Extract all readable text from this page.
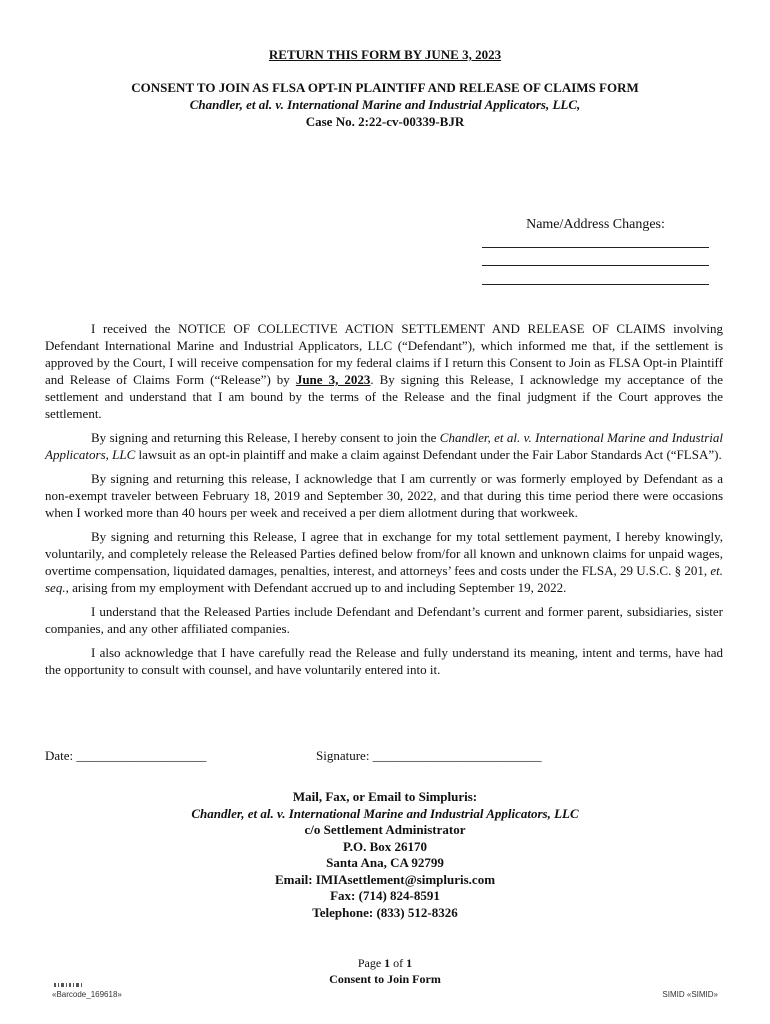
RETURN THIS FORM BY JUNE 3, 2023
CONSENT TO JOIN AS FLSA OPT-IN PLAINTIFF AND RELEASE OF CLAIMS FORM
Chandler, et al. v. International Marine and Industrial Applicators, LLC,
Case No. 2:22-cv-00339-BJR
Name/Address Changes:

I received the NOTICE OF COLLECTIVE ACTION SETTLEMENT AND RELEASE OF CLAIMS involving Defendant International Marine and Industrial Applicators, LLC (“Defendant”), which informed me that, if the settlement is approved by the Court, I will receive compensation for my federal claims if I return this Consent to Join as FLSA Opt-in Plaintiff and Release of Claims Form (“Release”) by June 3, 2023. By signing this Release, I acknowledge my acceptance of the settlement and understand that I am bound by the terms of the Release and the final judgment if the Court approves the settlement.

By signing and returning this Release, I hereby consent to join the Chandler, et al. v. International Marine and Industrial Applicators, LLC lawsuit as an opt-in plaintiff and make a claim against Defendant under the Fair Labor Standards Act (“FLSA”).

By signing and returning this release, I acknowledge that I am currently or was formerly employed by Defendant as a non-exempt traveler between February 18, 2019 and September 30, 2022, and that during this time period there were occasions when I worked more than 40 hours per week and received a per diem allotment during that workweek.

By signing and returning this Release, I agree that in exchange for my total settlement payment, I hereby knowingly, voluntarily, and completely release the Released Parties defined below from/for all known and unknown claims for unpaid wages, overtime compensation, liquidated damages, penalties, interest, and attorneys’ fees and costs under the FLSA, 29 U.S.C. § 201, et. seq., arising from my employment with Defendant accrued up to and including September 19, 2022.

I understand that the Released Parties include Defendant and Defendant’s current and former parent, subsidiaries, sister companies, and any other affiliated companies.

I also acknowledge that I have carefully read the Release and fully understand its meaning, intent and terms, have had the opportunity to consult with counsel, and have voluntarily entered into it.

Date: ____________________	Signature: __________________________
Mail, Fax, or Email to Simpluris:
Chandler, et al. v. International Marine and Industrial Applicators, LLC
c/o Settlement Administrator
P.O. Box 26170
Santa Ana, CA 92799
Email: IMIAsettlement@simpluris.com
Fax: (714) 824-8591
Telephone: (833) 512-8326
Page 1 of 1
Consent to Join Form
«Barcode_169618»	SIMID «SIMID»
